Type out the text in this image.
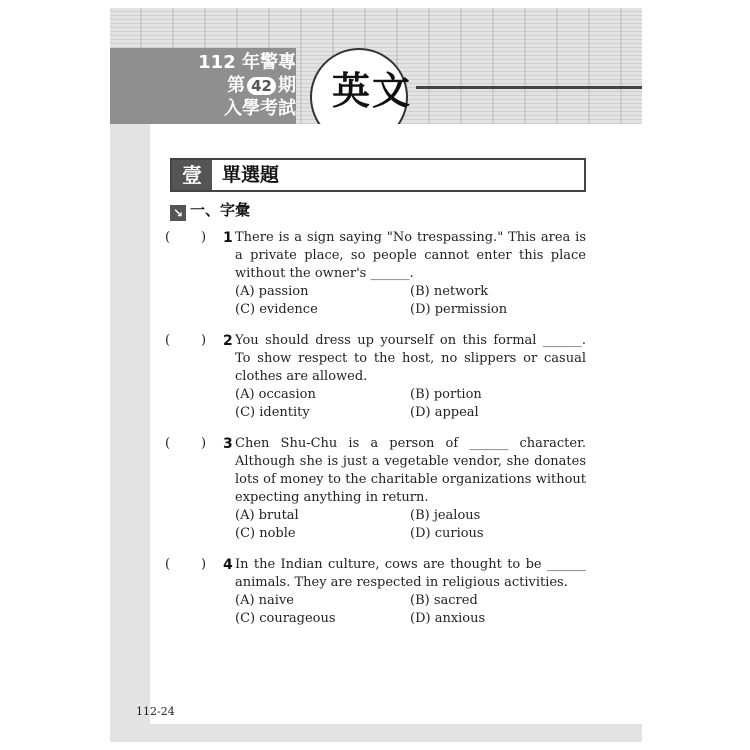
112 年警專
第 42 期
入學考試 英文
壹	單選題
↘ 一、字彙
( ) 1 There is a sign saying "No trespassing." This area is a private place, so people cannot enter this place without the owner's ______.
(A) passion	(B) network
(C) evidence	(D) permission
( ) 2 You should dress up yourself on this formal ______. To show respect to the host, no slippers or casual clothes are allowed.
(A) occasion	(B) portion
(C) identity	(D) appeal
( ) 3 Chen Shu-Chu is a person of ______ character. Although she is just a vegetable vendor, she donates lots of money to the charitable organizations without expecting anything in return.
(A) brutal	(B) jealous
(C) noble	(D) curious
( ) 4 In the Indian culture, cows are thought to be ______ animals. They are respected in religious activities.
(A) naive	(B) sacred
(C) courageous	(D) anxious
112-24
